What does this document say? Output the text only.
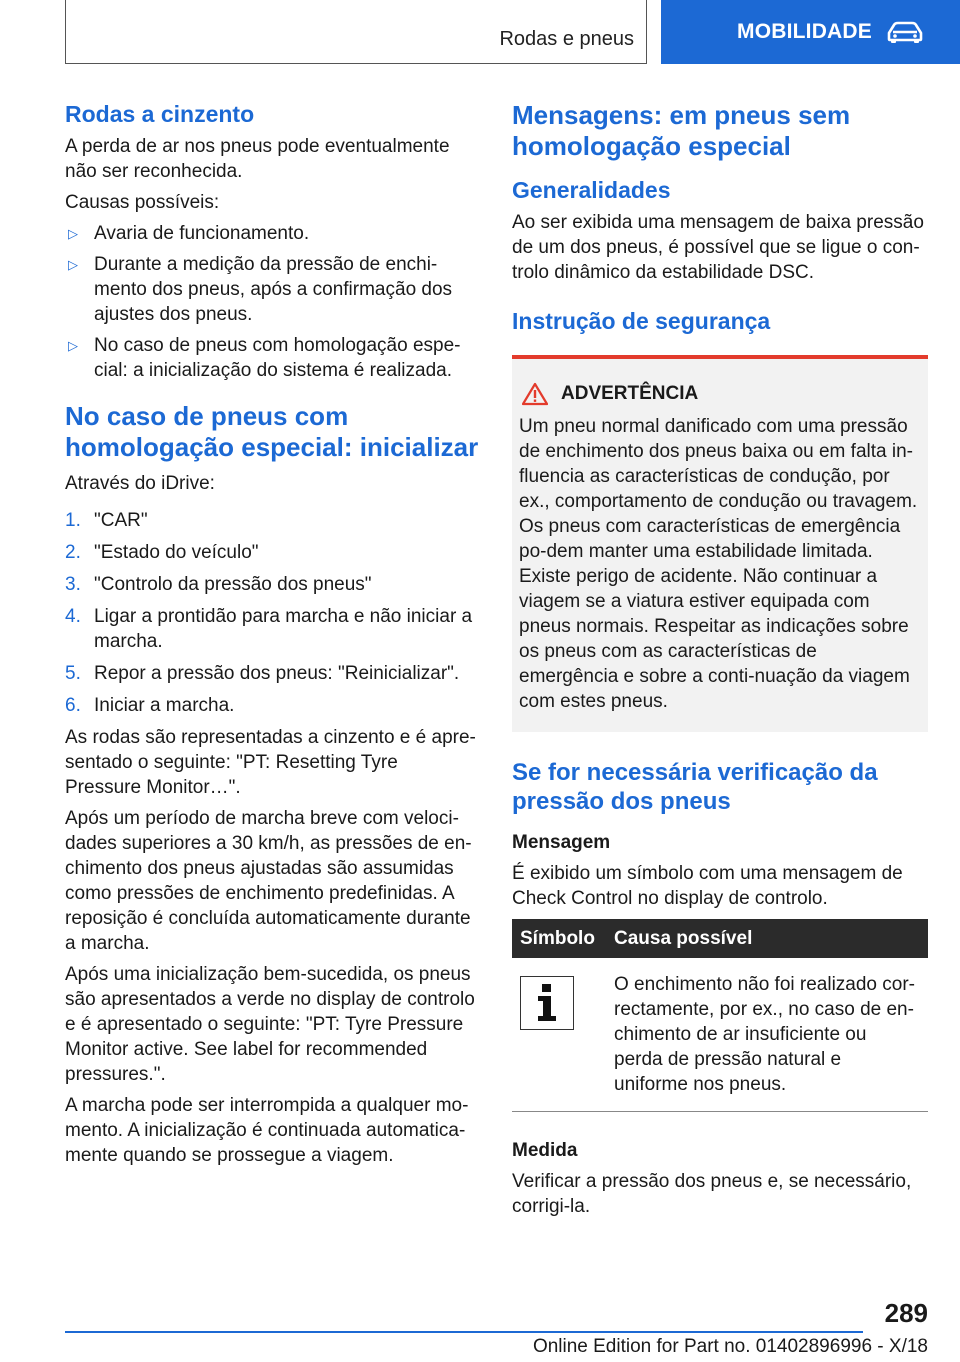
Rodas e pneus	MOBILIDADE
Rodas a cinzento

A perda de ar nos pneus pode eventualmente não ser reconhecida.

Causas possíveis:

▷ Avaria de funcionamento.
▷ Durante a medição da pressão de enchi-mento dos pneus, após a confirmação dos ajustes dos pneus.
▷ No caso de pneus com homologação espe-cial: a inicialização do sistema é realizada.
No caso de pneus com homologação especial: inicializar

Através do iDrive:

1. "CAR"
2. "Estado do veículo"
3. "Controlo da pressão dos pneus"
4. Ligar a prontidão para marcha e não iniciar a marcha.
5. Repor a pressão dos pneus: "Reinicializar".
6. Iniciar a marcha.

As rodas são representadas a cinzento e é apre-sentado o seguinte: "PT: Resetting Tyre Pressure Monitor…".

Após um período de marcha breve com veloci-dades superiores a 30 km/h, as pressões de en-chimento dos pneus ajustadas são assumidas como pressões de enchimento predefinidas. A reposição é concluída automaticamente durante a marcha.

Após uma inicialização bem-sucedida, os pneus são apresentados a verde no display de controlo e é apresentado o seguinte: "PT: Tyre Pressure Monitor active. See label for recommended pressures.".

A marcha pode ser interrompida a qualquer mo-mento. A inicialização é continuada automatica-mente quando se prossegue a viagem.

Mensagens: em pneus sem homologação especial
Generalidades

Ao ser exibida uma mensagem de baixa pressão de um dos pneus, é possível que se ligue o con-trolo dinâmico da estabilidade DSC.

Instrução de segurança
ADVERTÊNCIA

Um pneu normal danificado com uma pressão de enchimento dos pneus baixa ou em falta in-fluencia as características de condução, por ex., comportamento de condução ou travagem. Os pneus com características de emergência po-dem manter uma estabilidade limitada. Existe perigo de acidente. Não continuar a viagem se a viatura estiver equipada com pneus normais. Respeitar as indicações sobre os pneus com as características de emergência e sobre a conti-nuação da viagem com estes pneus.

Se for necessária verificação da pressão dos pneus
Mensagem

É exibido um símbolo com uma mensagem de Check Control no display de controlo.

Símbolo	Causa possível

	O enchimento não foi realizado cor-rectamente, por ex., no caso de en-chimento de ar insuficiente ou perda de pressão natural e uniforme nos pneus.
Medida

Verificar a pressão dos pneus e, se necessário, corrigi-la.

289
Online Edition for Part no. 01402896996 - X/18
